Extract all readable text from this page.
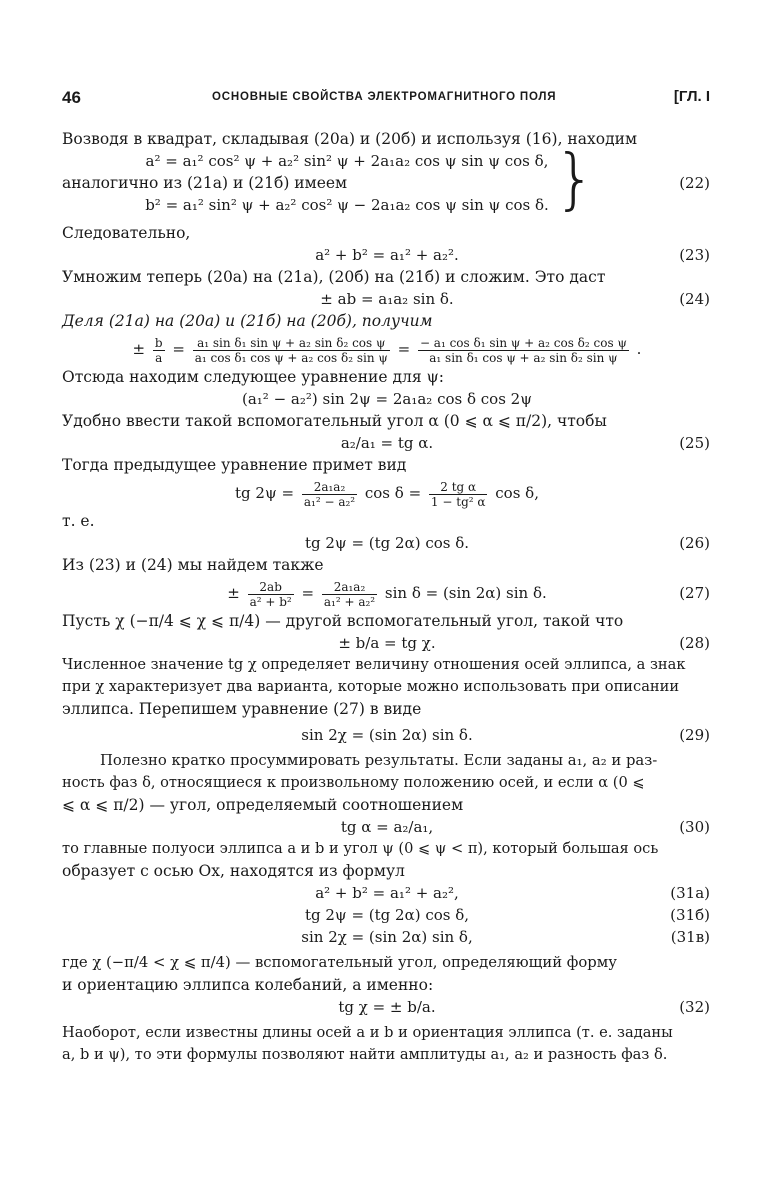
46	ОСНОВНЫЕ СВОЙСТВА ЭЛЕКТРОМАГНИТНОГО ПОЛЯ	[ГЛ. I
Возводя в квадрат, складывая (20а) и (20б) и используя (16), находим
a² = a₁² cos² ψ + a₂² sin² ψ + 2a₁a₂ cos ψ sin ψ cos δ,
аналогично из (21а) и (21б) имеем	(22)
b² = a₁² sin² ψ + a₂² cos² ψ − 2a₁a₂ cos ψ sin ψ cos δ. }
Следовательно,
a² + b² = a₁² + a₂².	(23)
Умножим теперь (20а) на (21а), (20б) на (21б) и сложим. Это даст
± ab = a₁a₂ sin δ.	(24)
Деля (21а) на (20а) и (21б) на (20б), получим
± $\frac{b}{a} = \frac{\text{a₁ sin δ₁ sin ψ + a₂ sin δ₂ cos ψ}}{\text{a₁ cos δ₁ cos ψ + a₂ cos δ₂ sin ψ}} = \frac{\text{− a₁ cos δ₁ sin ψ + a₂ cos δ₂ cos ψ}}{\text{a₁ sin δ₁ cos ψ + a₂ sin δ₂ sin ψ}}$ .
Отсюда находим следующее уравнение для ψ:
(a₁² − a₂²) sin 2ψ = 2a₁a₂ cos δ cos 2ψ
Удобно ввести такой вспомогательный угол α (0 ⩽ α ⩽ π/2), чтобы
a₂/a₁ = tg α.	(25)
Тогда предыдущее уравнение примет вид
tg $2\psi = \frac{\text{2a₁a₂}}{\text{a₁² − a₂²}}$ $\cos \delta = \frac{\text{2 tg α}}{\text{1 − tg² α}}$ cos δ,
т. е.
tg 2ψ = (tg 2α) cos δ.	(26)
Из (23) и (24) мы найдем также
± $\frac{2ab}{\text{a² + b²}} = \frac{\text{2a₁a₂}}{\text{a₁² + a₂²}}$ sin δ = (sin 2α) sin δ.	(27)
Пусть χ (−π/4 ⩽ χ ⩽ π/4) — другой вспомогательный угол, такой что
± b/a = tg χ.	(28)
Численное значение tg χ определяет величину отношения осей эллипса, а знак
при χ характеризует два варианта, которые можно использовать при описании
эллипса. Перепишем уравнение (27) в виде
sin 2χ = (sin 2α) sin δ.	(29)
Полезно кратко просуммировать результаты. Если заданы a₁, a₂ и раз-
ность фаз δ, относящиеся к произвольному положению осей, и если α (0 ⩽
⩽ α ⩽ π/2) — угол, определяемый соотношением
tg α = a₂/a₁,	(30)
то главные полуоси эллипса a и b и угол ψ (0 ⩽ ψ < π), который большая ось
образует с осью Ox, находятся из формул
a² + b² = a₁² + a₂²,	(31а)
tg 2ψ = (tg 2α) cos δ,	(31б)
sin 2χ = (sin 2α) sin δ,	(31в)
где χ (−π/4 < χ ⩽ π/4) — вспомогательный угол, определяющий форму
и ориентацию эллипса колебаний, а именно:
tg χ = ± b/a.	(32)
Наоборот, если известны длины осей a и b и ориентация эллипса (т. е. заданы
a, b и ψ), то эти формулы позволяют найти амплитуды a₁, a₂ и разность фаз δ.
